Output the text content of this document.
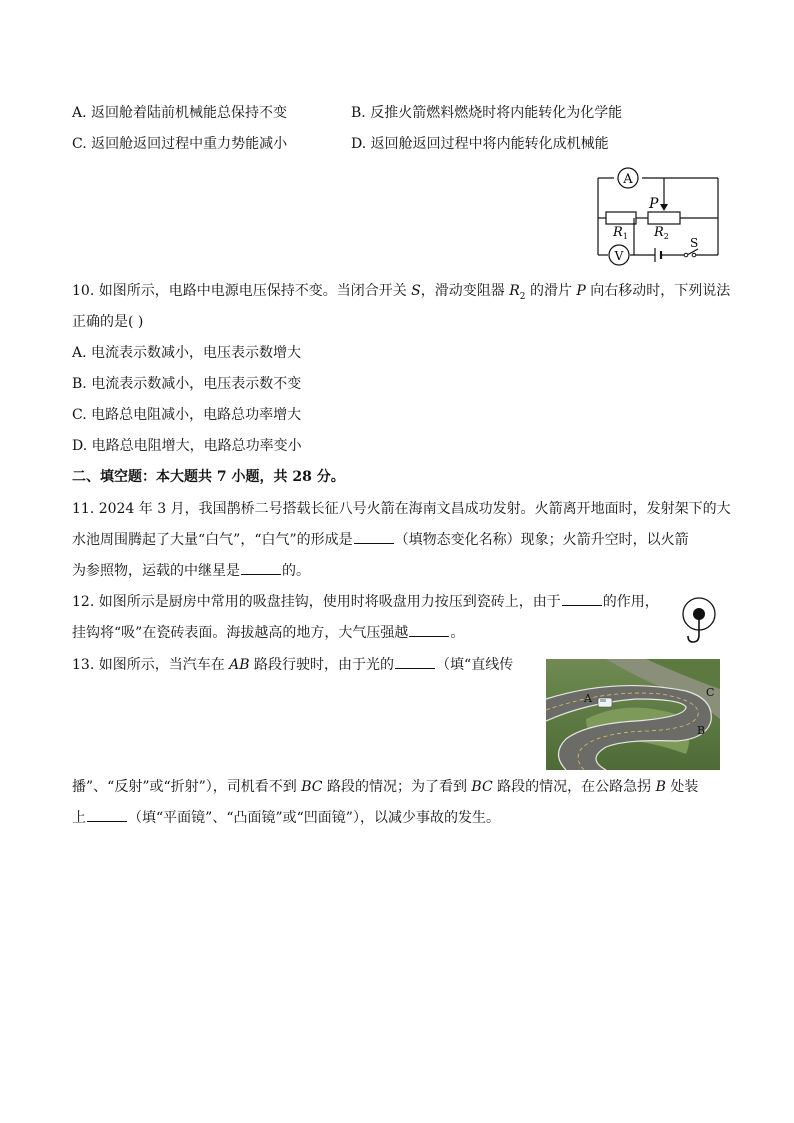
A. 返回舱着陆前机械能总保持不变	B. 反推火箭燃料燃烧时将内能转化为化学能
C. 返回舱返回过程中重力势能减小	D. 返回舱返回过程中将内能转化成机械能
A
V
P
$R_1$ $R_2$ S
10. 如图所示，电路中电源电压保持不变。当闭合开关 S，滑动变阻器 $R_2$ 的滑片 P 向右移动时，下列说法
正确的是( )
A. 电流表示数减小，电压表示数增大
B. 电流表示数减小，电压表示数不变
C. 电路总电阻减小，电路总功率增大
D. 电路总电阻增大，电路总功率变小
二、填空题：本大题共 7 小题，共 28 分。
11. 2024 年 3 月，我国鹊桥二号搭载长征八号火箭在海南文昌成功发射。火箭离开地面时，发射架下的大
水池周围腾起了大量“白气”，“白气”的形成是	（填物态变化名称）现象；火箭升空时，以火箭
为参照物，运载的中继星是	的。
12. 如图所示是厨房中常用的吸盘挂钩，使用时将吸盘用力按压到瓷砖上，由于	的作用，
挂钩将“吸”在瓷砖表面。海拔越高的地方，大气压强越	。
13. 如图所示，当汽车在 AB 路段行驶时，由于光的	（填“直线传
A	C
B
播”、“反射”或“折射”），司机看不到 BC 路段的情况；为了看到 BC 路段的情况，在公路急拐 B 处装
上	（填“平面镜”、“凸面镜”或“凹面镜”），以减少事故的发生。
